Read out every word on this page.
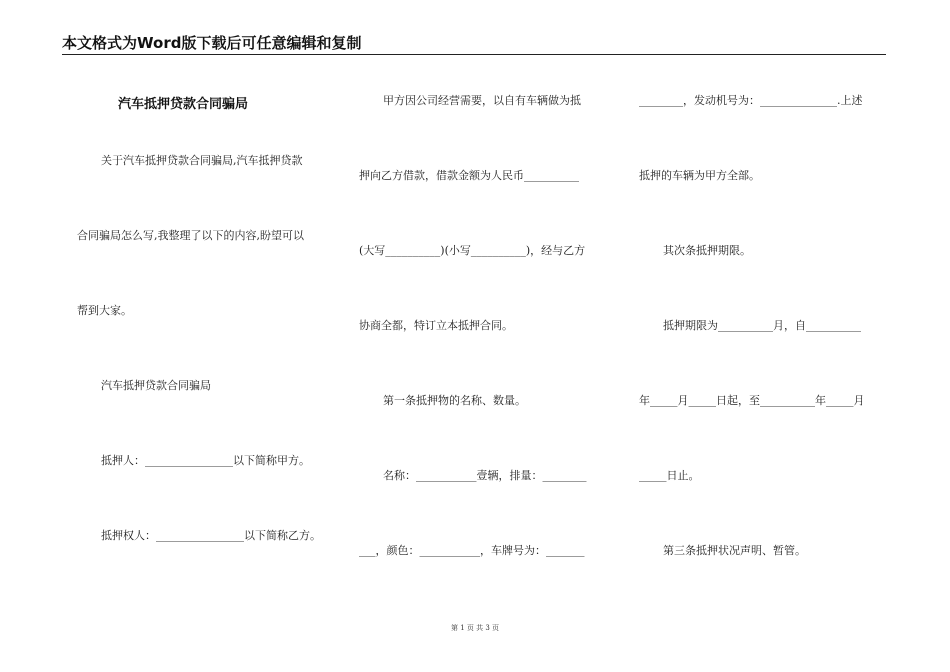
本文格式为Word版下载后可任意编辑和复制
汽车抵押贷款合同骗局
关于汽车抵押贷款合同骗局,汽车抵押贷款
合同骗局怎么写,我整理了以下的内容,盼望可以
帮到大家。
汽车抵押贷款合同骗局
抵押人：________________以下简称甲方。
抵押权人：________________以下简称乙方。
甲方因公司经营需要，以自有车辆做为抵
押向乙方借款，借款金额为人民币__________
(大写__________)(小写__________)，经与乙方
协商全都，特订立本抵押合同。
第一条抵押物的名称、数量。
名称：___________壹辆，排量：________
___，颜色：___________，车牌号为：_______
________，发动机号为：______________.上述
抵押的车辆为甲方全部。
其次条抵押期限。
抵押期限为__________月，自__________
年_____月_____日起，至__________年_____月
_____日止。
第三条抵押状况声明、暂管。
第 1 页 共 3 页
